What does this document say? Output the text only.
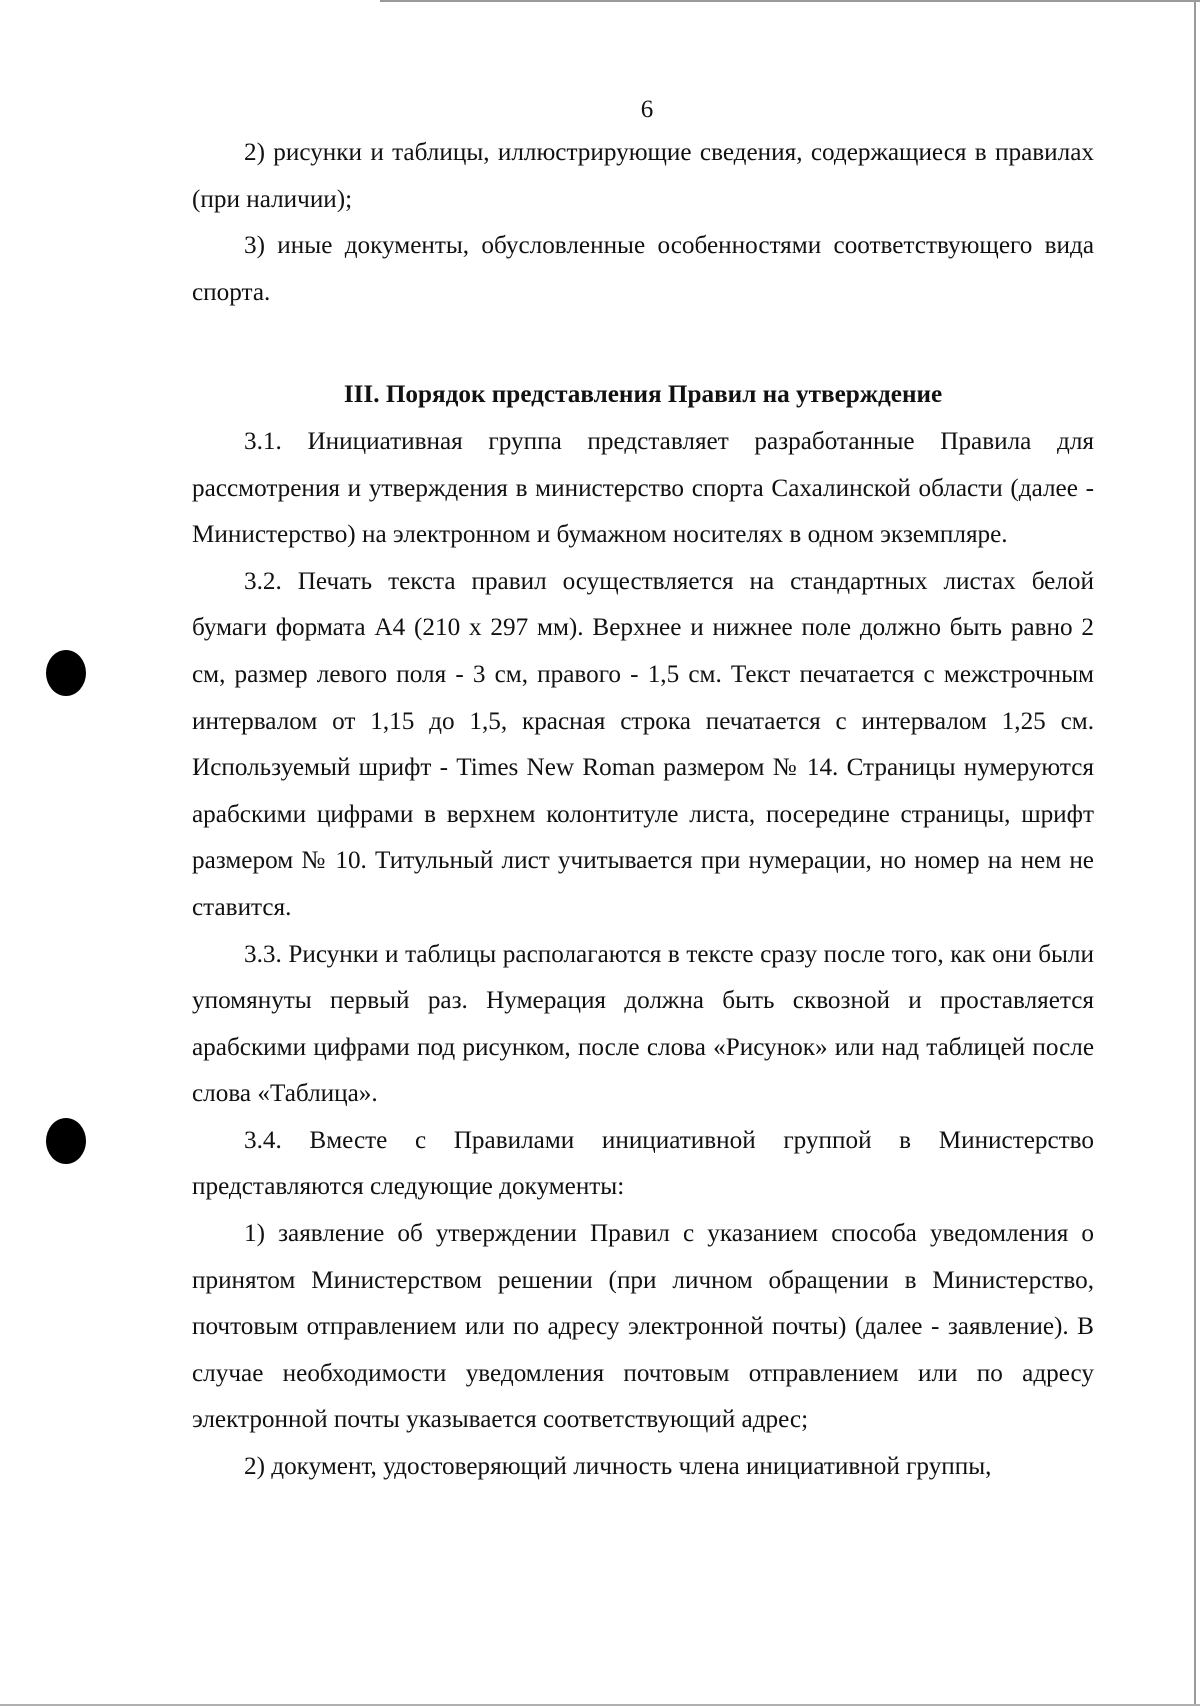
6

2) рисунки и таблицы, иллюстрирующие сведения, содержащиеся в правилах (при наличии);

3) иные документы, обусловленные особенностями соответствующего вида спорта.

III. Порядок представления Правил на утверждение

3.1. Инициативная группа представляет разработанные Правила для рассмотрения и утверждения в министерство спорта Сахалинской области (далее - Министерство) на электронном и бумажном носителях в одном экземпляре.

3.2. Печать текста правил осуществляется на стандартных листах белой бумаги формата А4 (210 х 297 мм). Верхнее и нижнее поле должно быть равно 2 см, размер левого поля - 3 см, правого - 1,5 см. Текст печатается с межстрочным интервалом от 1,15 до 1,5, красная строка печатается с интервалом 1,25 см. Используемый шрифт - Times New Roman размером № 14. Страницы нумеруются арабскими цифрами в верхнем колонтитуле листа, посередине страницы, шрифт размером № 10. Титульный лист учитывается при нумерации, но номер на нем не ставится.

3.3. Рисунки и таблицы располагаются в тексте сразу после того, как они были упомянуты первый раз. Нумерация должна быть сквозной и проставляется арабскими цифрами под рисунком, после слова «Рисунок» или над таблицей после слова «Таблица».

3.4. Вместе с Правилами инициативной группой в Министерство представляются следующие документы:

1) заявление об утверждении Правил с указанием способа уведомления о принятом Министерством решении (при личном обращении в Министерство, почтовым отправлением или по адресу электронной почты) (далее - заявление). В случае необходимости уведомления почтовым отправлением или по адресу электронной почты указывается соответствующий адрес;

2) документ, удостоверяющий личность члена инициативной группы,
